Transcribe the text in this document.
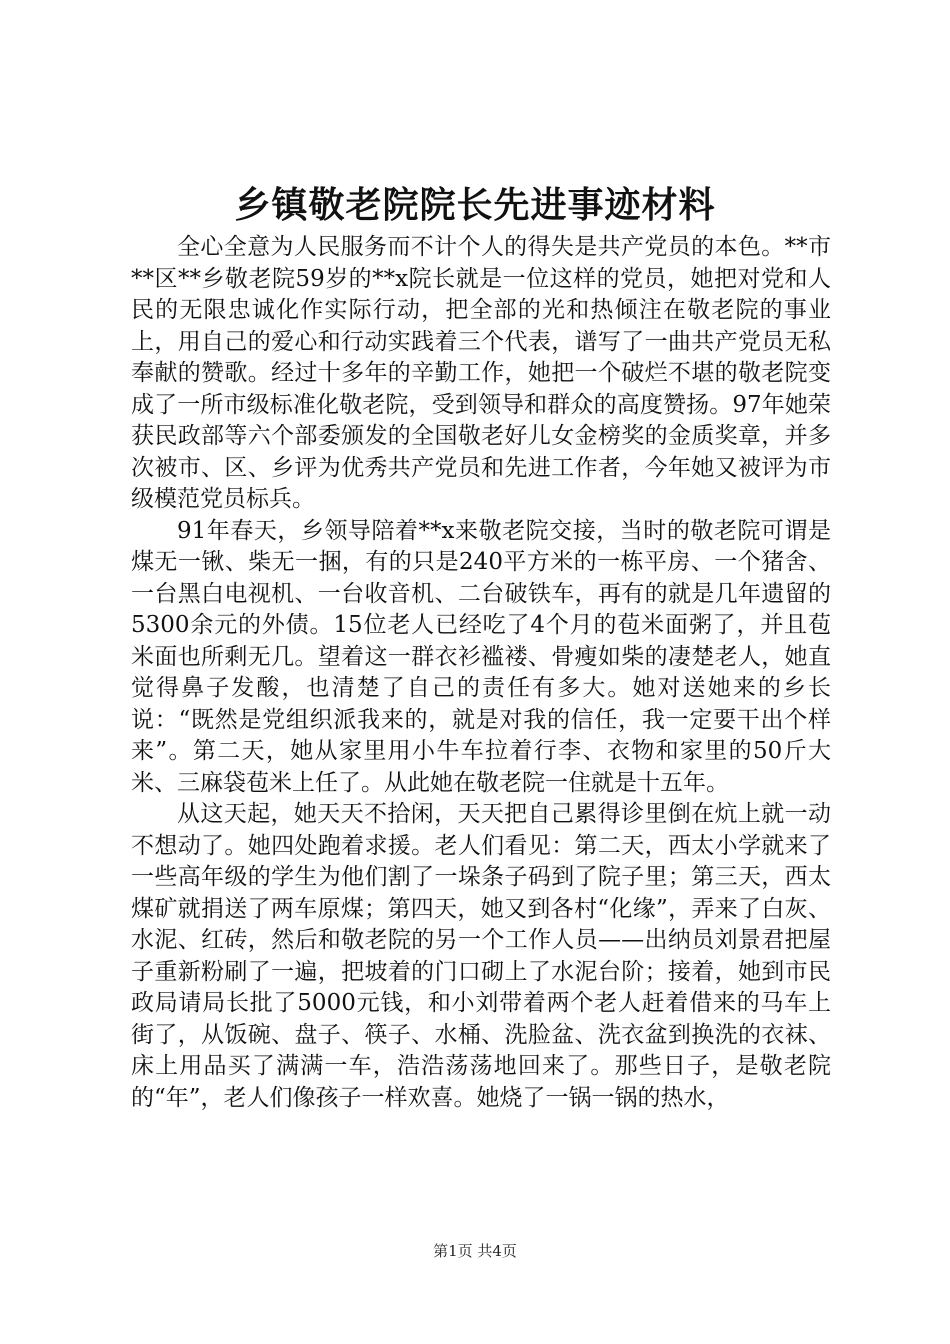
乡镇敬老院院长先进事迹材料

全心全意为人民服务而不计个人的得失是共产党员的本色。**市**区**乡敬老院59岁的**x院长就是一位这样的党员，她把对党和人民的无限忠诚化作实际行动，把全部的光和热倾注在敬老院的事业上，用自己的爱心和行动实践着三个代表，谱写了一曲共产党员无私奉献的赞歌。经过十多年的辛勤工作，她把一个破烂不堪的敬老院变成了一所市级标准化敬老院，受到领导和群众的高度赞扬。97年她荣获民政部等六个部委颁发的全国敬老好儿女金榜奖的金质奖章，并多次被市、区、乡评为优秀共产党员和先进工作者，今年她又被评为市级模范党员标兵。

91年春天，乡领导陪着**x来敬老院交接，当时的敬老院可谓是煤无一锹、柴无一捆，有的只是240平方米的一栋平房、一个猪舍、一台黑白电视机、一台收音机、二台破铁车，再有的就是几年遗留的5300余元的外债。15位老人已经吃了4个月的苞米面粥了，并且苞米面也所剩无几。望着这一群衣衫褴褛、骨瘦如柴的凄楚老人，她直觉得鼻子发酸，也清楚了自己的责任有多大。她对送她来的乡长说：“既然是党组织派我来的，就是对我的信任，我一定要干出个样来”。第二天，她从家里用小牛车拉着行李、衣物和家里的50斤大米、三麻袋苞米上任了。从此她在敬老院一住就是十五年。

从这天起，她天天不拾闲，天天把自己累得诊里倒在炕上就一动不想动了。她四处跑着求援。老人们看见：第二天，西太小学就来了一些高年级的学生为他们割了一垛条子码到了院子里；第三天，西太煤矿就捐送了两车原煤；第四天，她又到各村“化缘”，弄来了白灰、水泥、红砖，然后和敬老院的另一个工作人员——出纳员刘景君把屋子重新粉刷了一遍，把坡着的门口砌上了水泥台阶；接着，她到市民政局请局长批了5000元钱，和小刘带着两个老人赶着借来的马车上街了，从饭碗、盘子、筷子、水桶、洗脸盆、洗衣盆到换洗的衣袜、床上用品买了满满一车，浩浩荡荡地回来了。那些日子，是敬老院的“年”，老人们像孩子一样欢喜。她烧了一锅一锅的热水，

第1页 共4页
